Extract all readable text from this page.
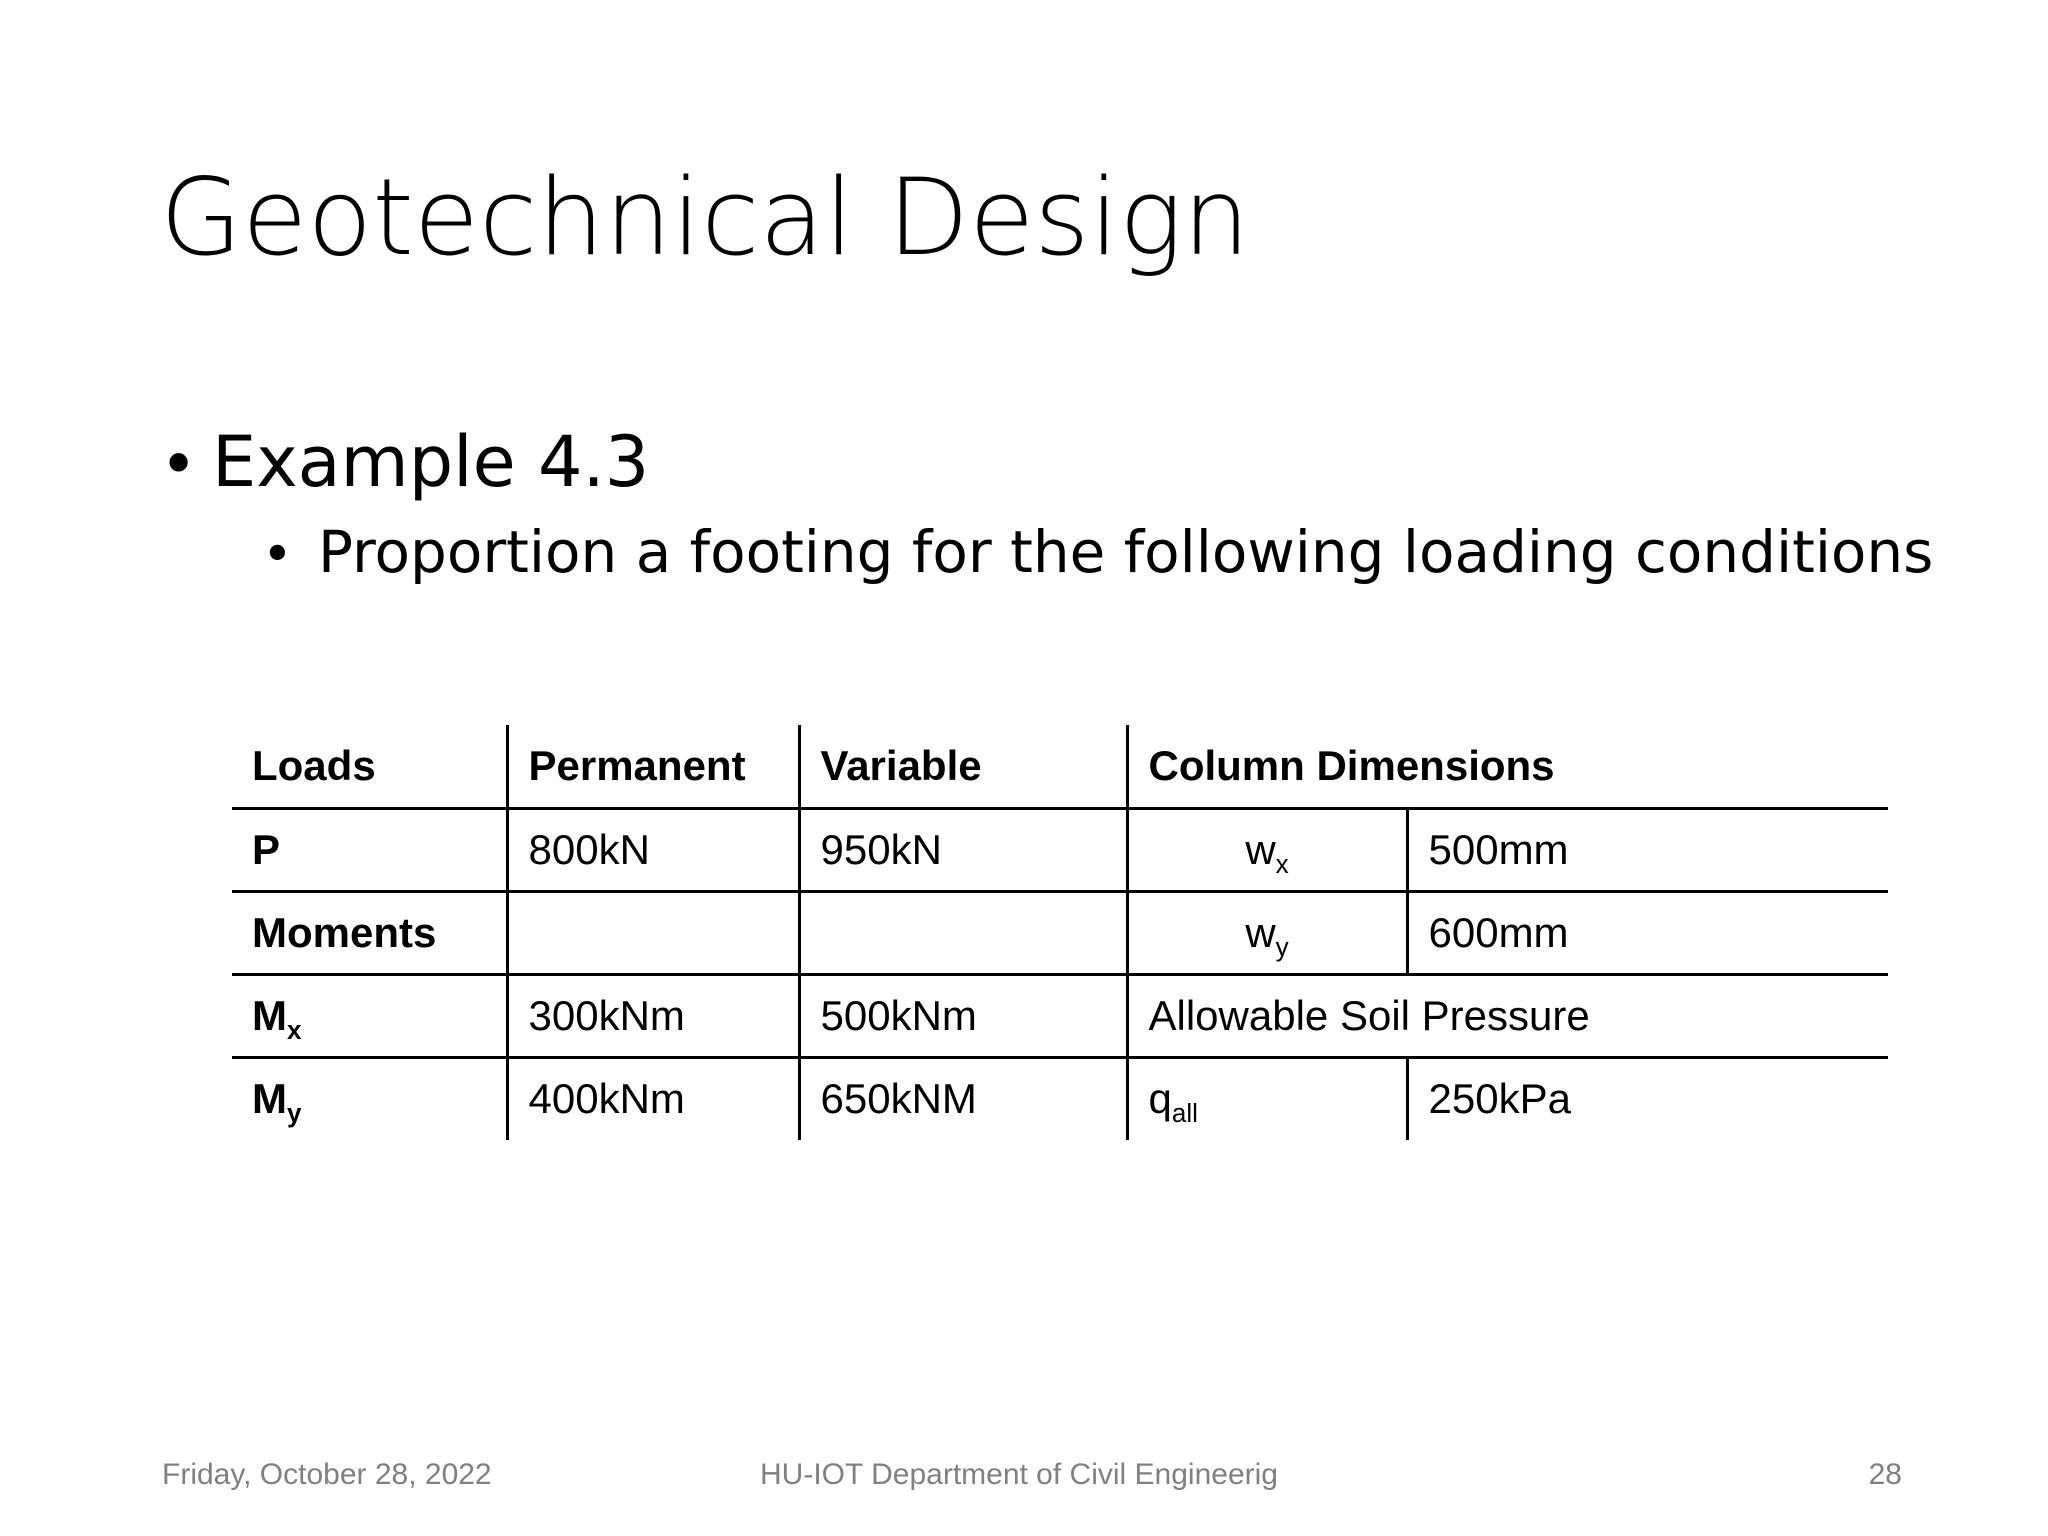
Geotechnical Design
• Example 4.3
• Proportion a footing for the following loading conditions
Loads	Permanent	Variable	Column Dimensions	
P	800kN	950kN	$w_x$	500mm
Moments			$w_y$	600mm
$M_x$	300kNm	500kNm	Allowable Soil Pressure	
$M_y$	400kNm	650kNM	$q_{all}$	250kPa
Friday, October 28, 2022	HU-IOT Department of Civil Engineerig	28
